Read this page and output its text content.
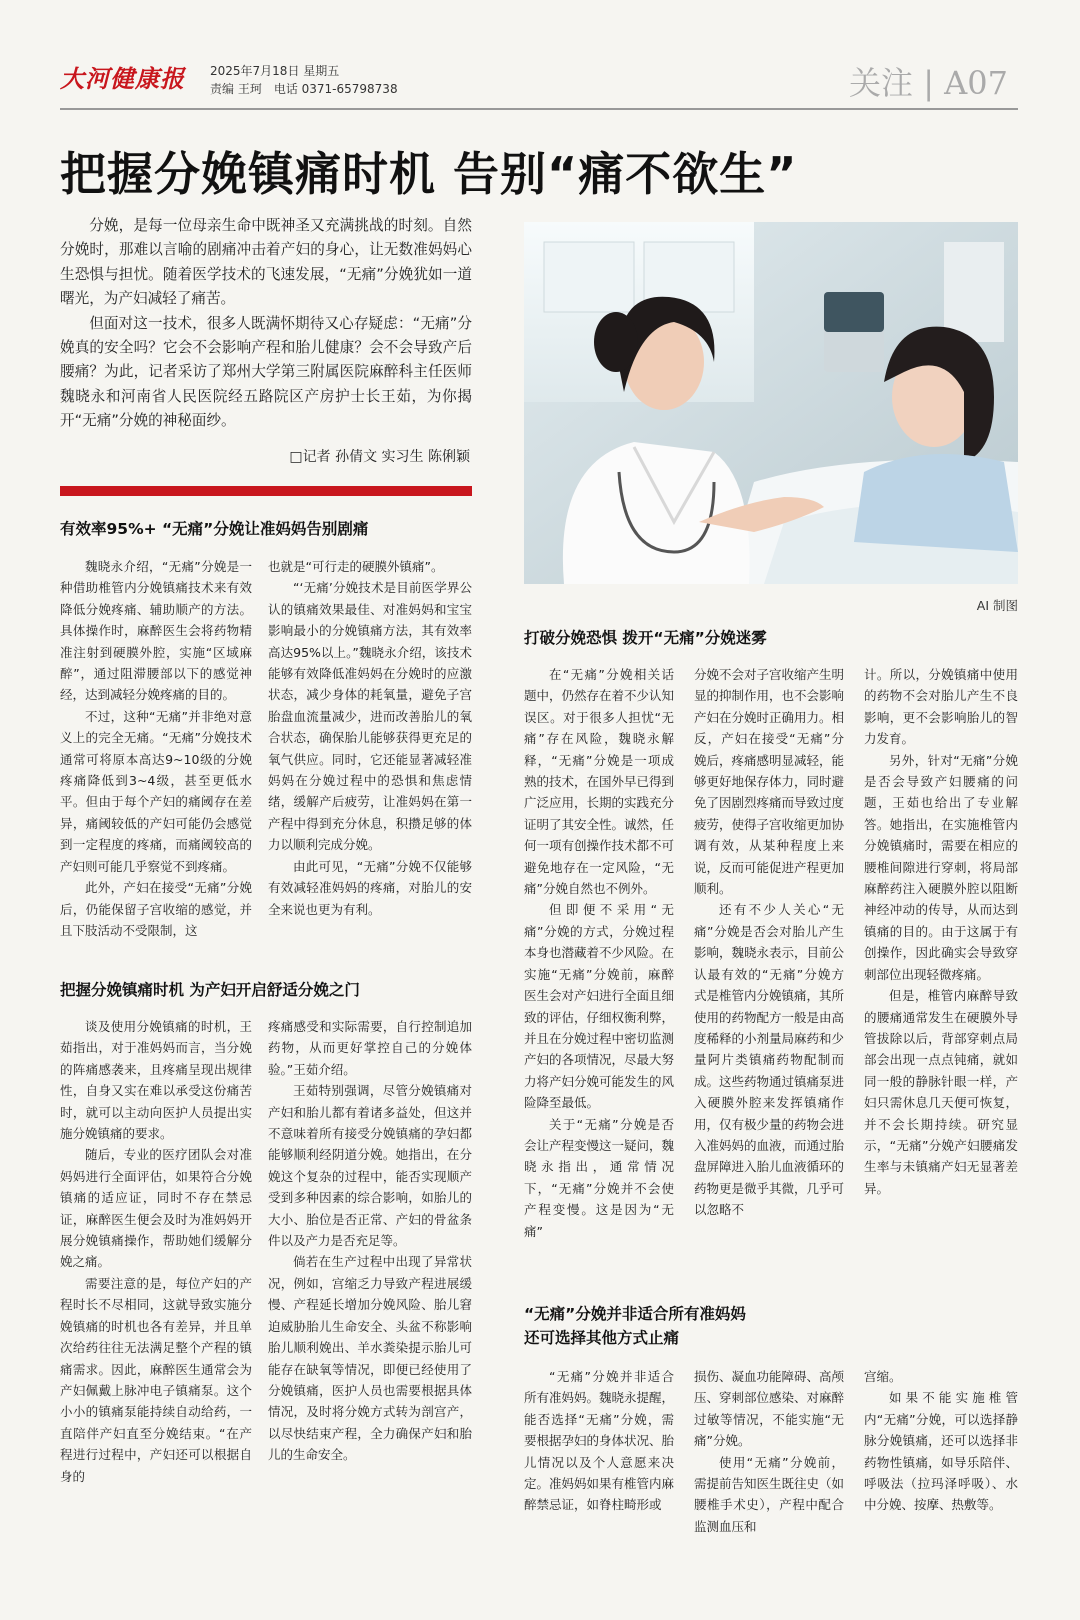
大河健康报	2025年7月18日 星期五
责编 王珂　电话 0371-65798738	关注 | A07
把握分娩镇痛时机 告别“痛不欲生”

分娩，是每一位母亲生命中既神圣又充满挑战的时刻。自然分娩时，那难以言喻的剧痛冲击着产妇的身心，让无数准妈妈心生恐惧与担忧。随着医学技术的飞速发展，“无痛”分娩犹如一道曙光，为产妇减轻了痛苦。

但面对这一技术，很多人既满怀期待又心存疑虑：“无痛”分娩真的安全吗？它会不会影响产程和胎儿健康？会不会导致产后腰痛？为此，记者采访了郑州大学第三附属医院麻醉科主任医师魏晓永和河南省人民医院经五路院区产房护士长王茹，为你揭开“无痛”分娩的神秘面纱。

□记者 孙倩文 实习生 陈俐颖
AI 制图
有效率95%+ “无痛”分娩让准妈妈告别剧痛

魏晓永介绍，“无痛”分娩是一种借助椎管内分娩镇痛技术来有效降低分娩疼痛、辅助顺产的方法。具体操作时，麻醉医生会将药物精准注射到硬膜外腔，实施“区域麻醉”，通过阻滞腰部以下的感觉神经，达到减轻分娩疼痛的目的。

不过，这种“无痛”并非绝对意义上的完全无痛。“无痛”分娩技术通常可将原本高达9~10级的分娩疼痛降低到3~4级，甚至更低水平。但由于每个产妇的痛阈存在差异，痛阈较低的产妇可能仍会感觉到一定程度的疼痛，而痛阈较高的产妇则可能几乎察觉不到疼痛。

此外，产妇在接受“无痛”分娩后，仍能保留子宫收缩的感觉，并且下肢活动不受限制，这

也就是“可行走的硬膜外镇痛”。

“‘无痛’分娩技术是目前医学界公认的镇痛效果最佳、对准妈妈和宝宝影响最小的分娩镇痛方法，其有效率高达95%以上。”魏晓永介绍，该技术能够有效降低准妈妈在分娩时的应激状态，减少身体的耗氧量，避免子宫胎盘血流量减少，进而改善胎儿的氧合状态，确保胎儿能够获得更充足的氧气供应。同时，它还能显著减轻准妈妈在分娩过程中的恐惧和焦虑情绪，缓解产后疲劳，让准妈妈在第一产程中得到充分休息，积攒足够的体力以顺利完成分娩。

由此可见，“无痛”分娩不仅能够有效减轻准妈妈的疼痛，对胎儿的安全来说也更为有利。

把握分娩镇痛时机 为产妇开启舒适分娩之门

谈及使用分娩镇痛的时机，王茹指出，对于准妈妈而言，当分娩的阵痛感袭来，且疼痛呈现出规律性，自身又实在难以承受这份痛苦时，就可以主动向医护人员提出实施分娩镇痛的要求。

随后，专业的医疗团队会对准妈妈进行全面评估，如果符合分娩镇痛的适应证，同时不存在禁忌证，麻醉医生便会及时为准妈妈开展分娩镇痛操作，帮助她们缓解分娩之痛。

需要注意的是，每位产妇的产程时长不尽相同，这就导致实施分娩镇痛的时机也各有差异，并且单次给药往往无法满足整个产程的镇痛需求。因此，麻醉医生通常会为产妇佩戴上脉冲电子镇痛泵。这个小小的镇痛泵能持续自动给药，一直陪伴产妇直至分娩结束。“在产程进行过程中，产妇还可以根据自身的

疼痛感受和实际需要，自行控制追加药物，从而更好掌控自己的分娩体验。”王茹介绍。

王茹特别强调，尽管分娩镇痛对产妇和胎儿都有着诸多益处，但这并不意味着所有接受分娩镇痛的孕妇都能够顺利经阴道分娩。她指出，在分娩这个复杂的过程中，能否实现顺产受到多种因素的综合影响，如胎儿的大小、胎位是否正常、产妇的骨盆条件以及产力是否充足等。

倘若在生产过程中出现了异常状况，例如，宫缩乏力导致产程进展缓慢、产程延长增加分娩风险、胎儿窘迫威胁胎儿生命安全、头盆不称影响胎儿顺利娩出、羊水粪染提示胎儿可能存在缺氧等情况，即便已经使用了分娩镇痛，医护人员也需要根据具体情况，及时将分娩方式转为剖宫产，以尽快结束产程，全力确保产妇和胎儿的生命安全。

打破分娩恐惧 拨开“无痛”分娩迷雾

在“无痛”分娩相关话题中，仍然存在着不少认知误区。对于很多人担忧“无痛”存在风险，魏晓永解释，“无痛”分娩是一项成熟的技术，在国外早已得到广泛应用，长期的实践充分证明了其安全性。诚然，任何一项有创操作技术都不可避免地存在一定风险，“无痛”分娩自然也不例外。

但即便不采用“无痛”分娩的方式，分娩过程本身也潜藏着不少风险。在实施“无痛”分娩前，麻醉医生会对产妇进行全面且细致的评估，仔细权衡利弊，并且在分娩过程中密切监测产妇的各项情况，尽最大努力将产妇分娩可能发生的风险降至最低。

关于“无痛”分娩是否会让产程变慢这一疑问，魏晓永指出，通常情况下，“无痛”分娩并不会使产程变慢。这是因为“无痛”

分娩不会对子宫收缩产生明显的抑制作用，也不会影响产妇在分娩时正确用力。相反，产妇在接受“无痛”分娩后，疼痛感明显减轻，能够更好地保存体力，同时避免了因剧烈疼痛而导致过度疲劳，使得子宫收缩更加协调有效，从某种程度上来说，反而可能促进产程更加顺利。

还有不少人关心“无痛”分娩是否会对胎儿产生影响，魏晓永表示，目前公认最有效的“无痛”分娩方式是椎管内分娩镇痛，其所使用的药物配方一般是由高度稀释的小剂量局麻药和少量阿片类镇痛药物配制而成。这些药物通过镇痛泵进入硬膜外腔来发挥镇痛作用，仅有极少量的药物会进入准妈妈的血液，而通过胎盘屏障进入胎儿血液循环的药物更是微乎其微，几乎可以忽略不

计。所以，分娩镇痛中使用的药物不会对胎儿产生不良影响，更不会影响胎儿的智力发育。

另外，针对“无痛”分娩是否会导致产妇腰痛的问题，王茹也给出了专业解答。她指出，在实施椎管内分娩镇痛时，需要在相应的腰椎间隙进行穿刺，将局部麻醉药注入硬膜外腔以阻断神经冲动的传导，从而达到镇痛的目的。由于这属于有创操作，因此确实会导致穿刺部位出现轻微疼痛。

但是，椎管内麻醉导致的腰痛通常发生在硬膜外导管拔除以后，背部穿刺点局部会出现一点点钝痛，就如同一般的静脉针眼一样，产妇只需休息几天便可恢复，并不会长期持续。研究显示，“无痛”分娩产妇腰痛发生率与未镇痛产妇无显著差异。

“无痛”分娩并非适合所有准妈妈
还可选择其他方式止痛

“无痛”分娩并非适合所有准妈妈。魏晓永提醒，能否选择“无痛”分娩，需要根据孕妇的身体状况、胎儿情况以及个人意愿来决定。准妈妈如果有椎管内麻醉禁忌证，如脊柱畸形或

损伤、凝血功能障碍、高颅压、穿刺部位感染、对麻醉过敏等情况，不能实施“无痛”分娩。

使用“无痛”分娩前，需提前告知医生既往史（如腰椎手术史），产程中配合监测血压和

宫缩。

如果不能实施椎管内“无痛”分娩，可以选择静脉分娩镇痛，还可以选择非药物性镇痛，如导乐陪伴、呼吸法（拉玛泽呼吸）、水中分娩、按摩、热敷等。
